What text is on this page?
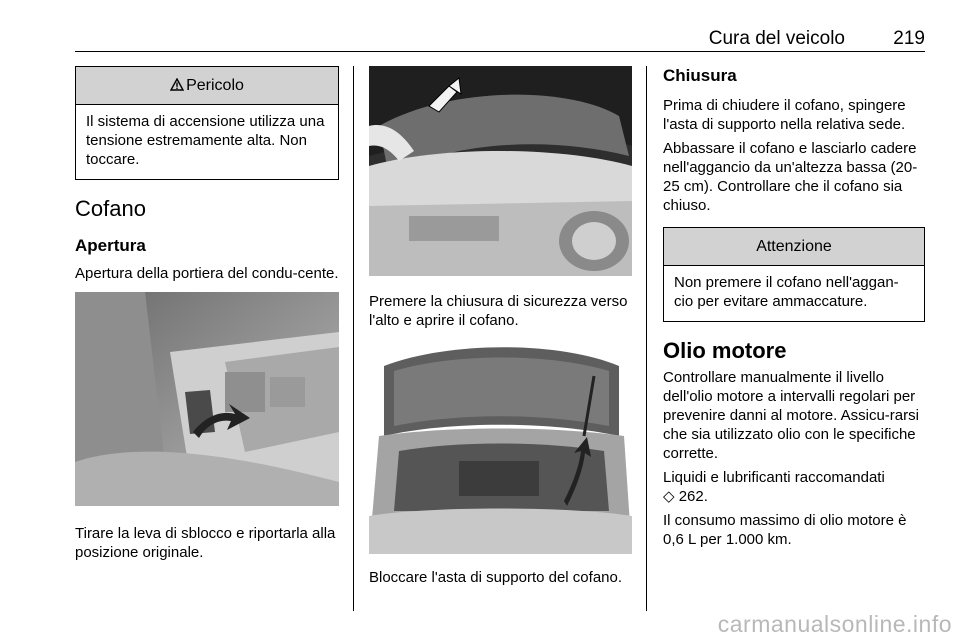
Cura del veicolo	219
Pericolo
Il sistema di accensione utilizza una tensione estremamente alta. Non toccare.
Cofano
Apertura
Apertura della portiera del condu-cente.
Tirare la leva di sblocco e riportarla alla posizione originale.
Premere la chiusura di sicurezza verso l'alto e aprire il cofano.
Bloccare l'asta di supporto del cofano.
Chiusura
Prima di chiudere il cofano, spingere l'asta di supporto nella relativa sede.
Abbassare il cofano e lasciarlo cadere nell'aggancio da un'altezza bassa (20-25 cm). Controllare che il cofano sia chiuso.
Attenzione
Non premere il cofano nell'aggan-cio per evitare ammaccature.
Olio motore
Controllare manualmente il livello dell'olio motore a intervalli regolari per prevenire danni al motore. Assicu-rarsi che sia utilizzato olio con le specifiche corrette.
Liquidi e lubrificanti raccomandati
◇ 262.
Il consumo massimo di olio motore è 0,6 L per 1.000 km.
carmanualsonline.info
